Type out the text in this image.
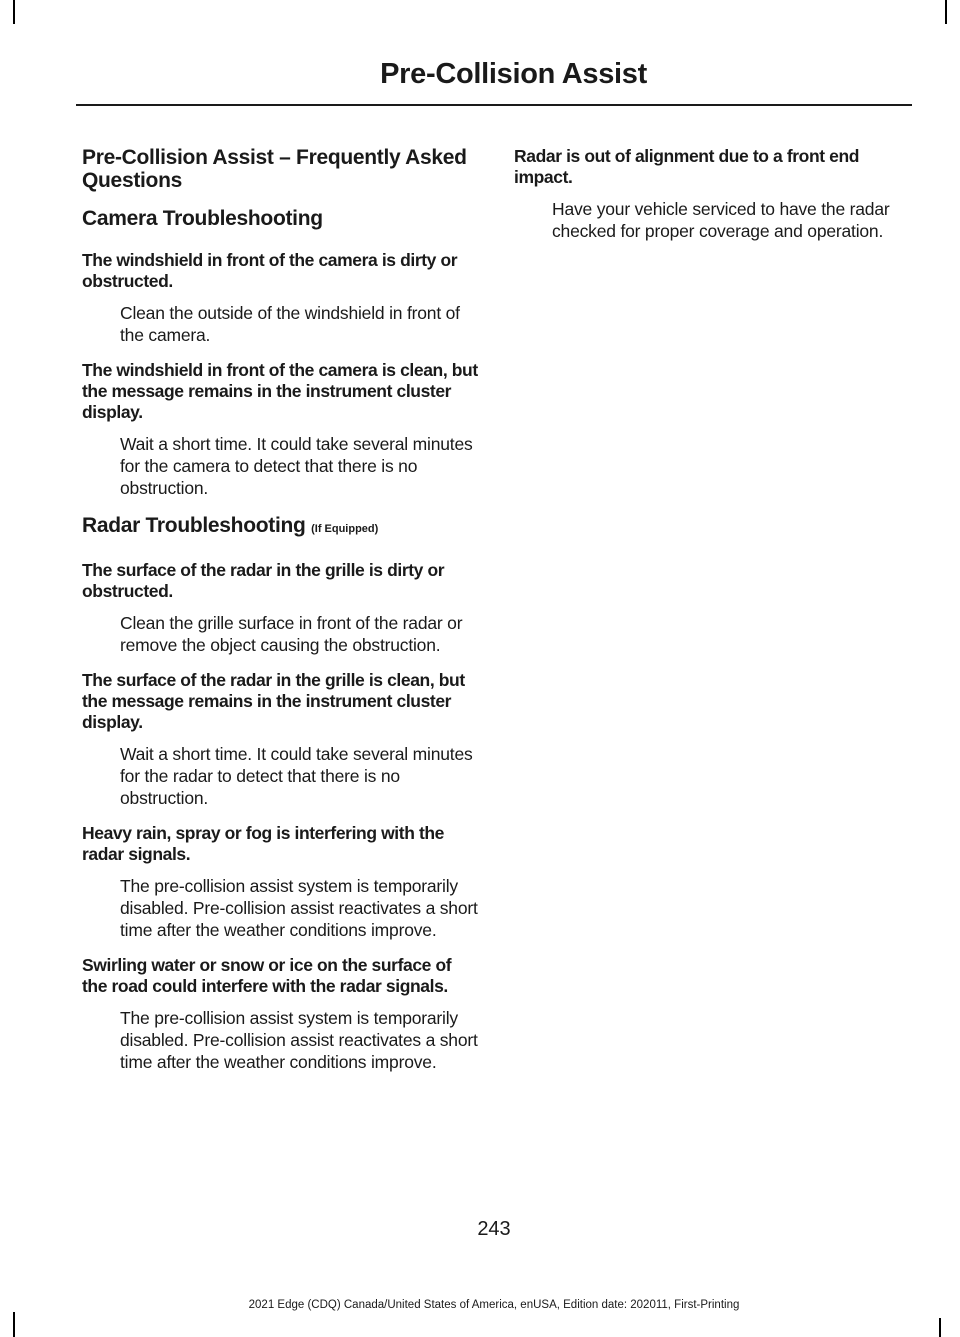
Pre-Collision Assist
Pre-Collision Assist – Frequently Asked Questions
Camera Troubleshooting

The windshield in front of the camera is dirty or obstructed.

Clean the outside of the windshield in front of the camera.

The windshield in front of the camera is clean, but the message remains in the instrument cluster display.

Wait a short time. It could take several minutes for the camera to detect that there is no obstruction.

Radar Troubleshooting (If Equipped)

The surface of the radar in the grille is dirty or obstructed.

Clean the grille surface in front of the radar or remove the object causing the obstruction.

The surface of the radar in the grille is clean, but the message remains in the instrument cluster display.

Wait a short time. It could take several minutes for the radar to detect that there is no obstruction.

Heavy rain, spray or fog is interfering with the radar signals.

The pre-collision assist system is temporarily disabled. Pre-collision assist reactivates a short time after the weather conditions improve.

Swirling water or snow or ice on the surface of the road could interfere with the radar signals.

The pre-collision assist system is temporarily disabled. Pre-collision assist reactivates a short time after the weather conditions improve.

Radar is out of alignment due to a front end impact.

Have your vehicle serviced to have the radar checked for proper coverage and operation.

243
2021 Edge (CDQ) Canada/United States of America, enUSA, Edition date: 202011, First-Printing
